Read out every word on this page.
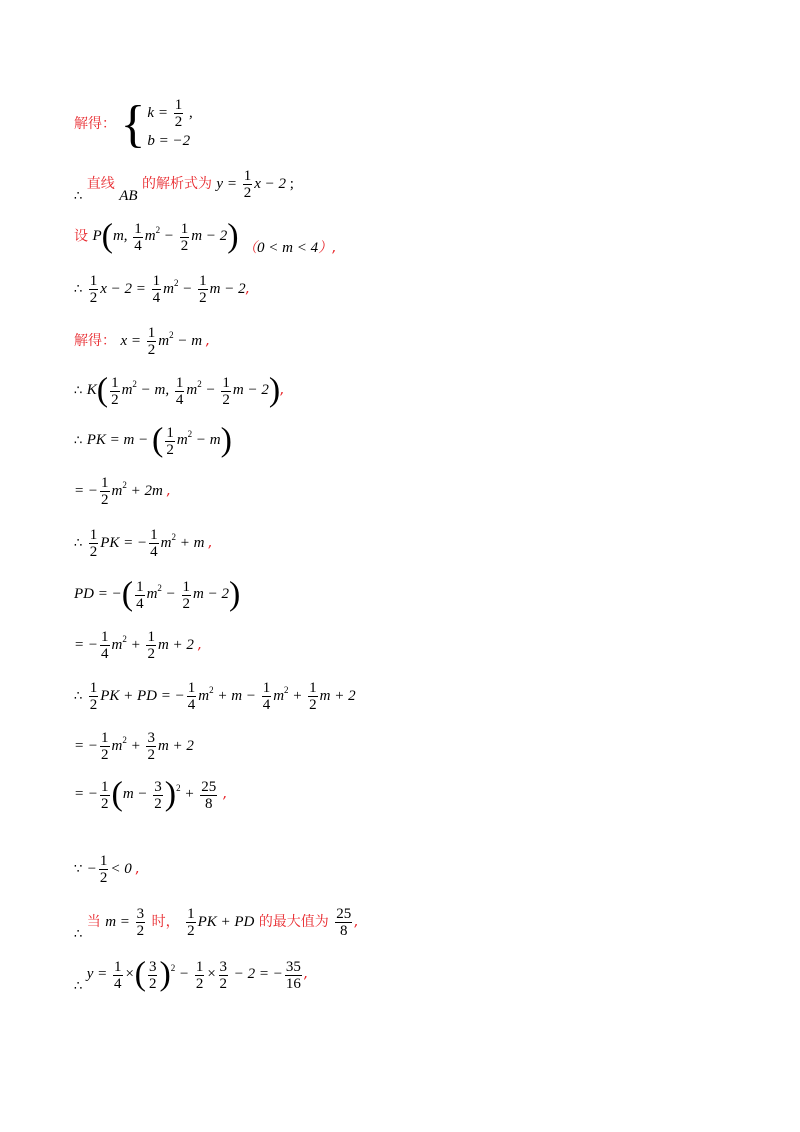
解得： { $k = \frac{1}{2}$ ,
b = −2
∴ 直线 AB 的解析式为 $y = \frac{1}{2}$ x − 2 ;
设 P(m, $\frac{1}{4} m^2 - \frac{1}{2}$ m − 2) （0 < m < 4）,
∴ $\frac{1}{2}$ $x - 2 = \frac{1}{4} m^2 - \frac{1}{2}$ m − 2,
解得： $x = \frac{1}{2} m^2 - m$ ,
∴ $K( \frac{1}{2} m^2 - m$, $\frac{1}{4} m^2 - \frac{1}{2}$ m − 2),
∴ PK = m − ( $\frac{1}{2} m^2 - m$)
= − $\frac{1}{2} m^2 + 2m$ ,
∴ $\frac{1}{2}$ PK = − $\frac{1}{4} m^2 + m$ ,
PD = −( $\frac{1}{4} m^2 - \frac{1}{2}$ m − 2)
= − $\frac{1}{4} m^2 + \frac{1}{2}$ m + 2 ,
∴ $\frac{1}{2}$ PK + PD = − $\frac{1}{4} m^2 + m - \frac{1}{4} m^2 + \frac{1}{2}$ m + 2
= − $\frac{1}{2} m^2 + \frac{3}{2}$ m + 2
= − $\frac{1}{2} (m - \frac{3}{2} )^2 + \frac{25}{8}$ ,
∵ − $\frac{1}{2} < 0$ ,
∴ 当 $m = \frac{3}{2}$ 时， $\frac{1}{2}$ PK + PD 的最大值为 $\frac{25}{8}$ ,
∴ $y = \frac{1}{4}$ ×( $\frac{3}{2} )^2 - \frac{1}{2} \times \frac{3}{2} - 2$ = − $\frac{35}{16}$ ,
